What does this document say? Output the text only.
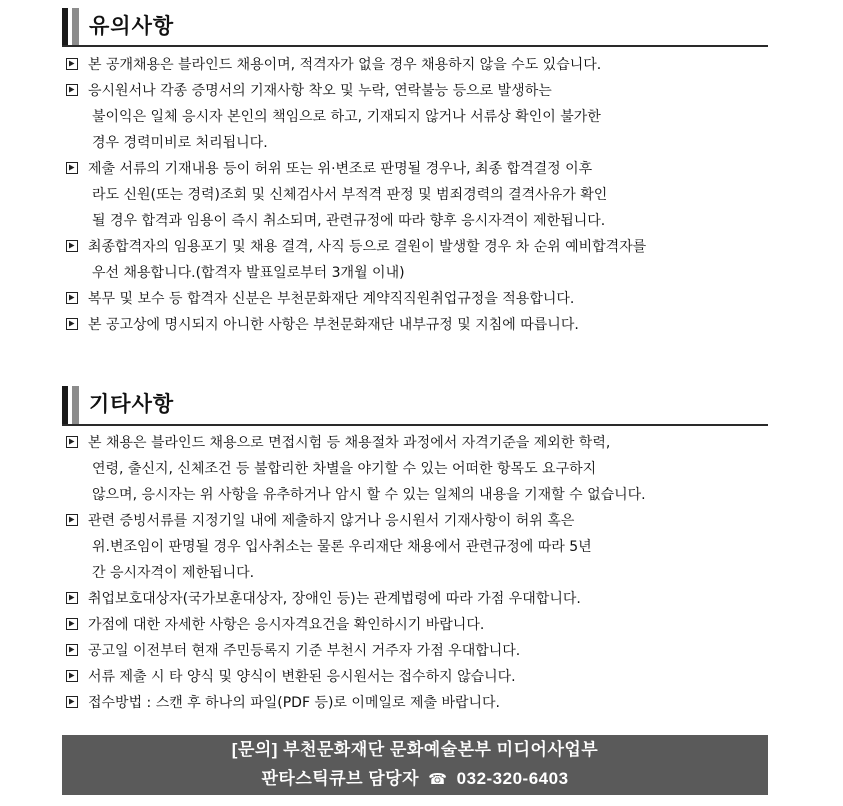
유의사항
본 공개채용은 블라인드 채용이며, 적격자가 없을 경우 채용하지 않을 수도 있습니다.
응시원서나 각종 증명서의 기재사항 착오 및 누락, 연락불능 등으로 발생하는
불이익은 일체 응시자 본인의 책임으로 하고, 기재되지 않거나 서류상 확인이 불가한
경우 경력미비로 처리됩니다.
제출 서류의 기재내용 등이 허위 또는 위·변조로 판명될 경우나, 최종 합격결정 이후
라도 신원(또는 경력)조회 및 신체검사서 부적격 판정 및 범죄경력의 결격사유가 확인
될 경우 합격과 임용이 즉시 취소되며, 관련규정에 따라 향후 응시자격이 제한됩니다.
최종합격자의 임용포기 및 채용 결격, 사직 등으로 결원이 발생할 경우 차 순위 예비합격자를
우선 채용합니다.(합격자 발표일로부터 3개월 이내)
복무 및 보수 등 합격자 신분은 부천문화재단 계약직직원취업규정을 적용합니다.
본 공고상에 명시되지 아니한 사항은 부천문화재단 내부규정 및 지침에 따릅니다.
기타사항
본 채용은 블라인드 채용으로 면접시험 등 채용절차 과정에서 자격기준을 제외한 학력,
연령, 출신지, 신체조건 등 불합리한 차별을 야기할 수 있는 어떠한 항목도 요구하지
않으며, 응시자는 위 사항을 유추하거나 암시 할 수 있는 일체의 내용을 기재할 수 없습니다.
관련 증빙서류를 지정기일 내에 제출하지 않거나 응시원서 기재사항이 허위 혹은
위.변조임이 판명될 경우 입사취소는 물론 우리재단 채용에서 관련규정에 따라 5년
간 응시자격이 제한됩니다.
취업보호대상자(국가보훈대상자, 장애인 등)는 관계법령에 따라 가점 우대합니다.
가점에 대한 자세한 사항은 응시자격요건을 확인하시기 바랍니다.
공고일 이전부터 현재 주민등록지 기준 부천시 거주자 가점 우대합니다.
서류 제출 시 타 양식 및 양식이 변환된 응시원서는 접수하지 않습니다.
접수방법 : 스캔 후 하나의 파일(PDF 등)로 이메일로 제출 바랍니다.
[문의] 부천문화재단 문화예술본부 미디어사업부
판타스틱큐브 담당자 ☎ 032-320-6403
